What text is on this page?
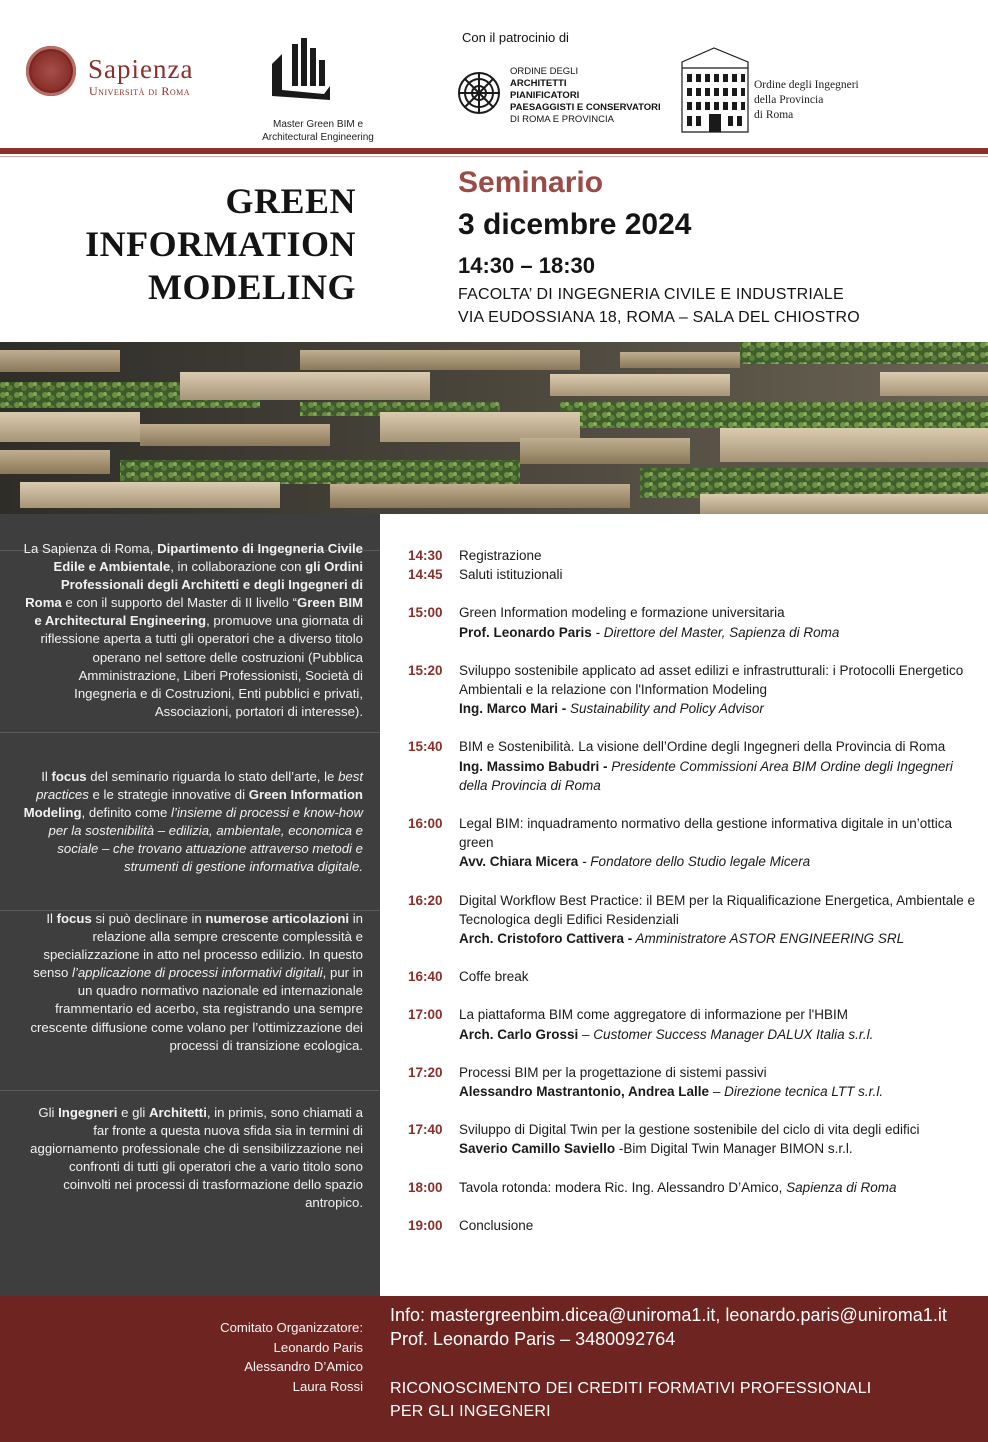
Sapienza
Università di Roma
Master Green BIM e
Architectural Engineering
Con il patrocinio di
ORDINE DEGLI
ARCHITETTI
PIANIFICATORI
PAESAGGISTI E CONSERVATORI
DI ROMA E PROVINCIA
Ordine degli Ingegneri
della Provincia
di Roma
GREEN
INFORMATION
MODELING
Seminario
3 dicembre 2024
14:30 – 18:30
FACOLTA’ DI INGEGNERIA CIVILE E INDUSTRIALE
VIA EUDOSSIANA 18, ROMA – SALA DEL CHIOSTRO
La Sapienza di Roma, Dipartimento di Ingegneria Civile Edile e Ambientale, in collaborazione con gli Ordini Professionali degli Architetti e degli Ingegneri di Roma e con il supporto del Master di II livello “Green BIM e Architectural Engineering, promuove una giornata di riflessione aperta a tutti gli operatori che a diverso titolo operano nel settore delle costruzioni (Pubblica Amministrazione, Liberi Professionisti, Società di Ingegneria e di Costruzioni, Enti pubblici e privati, Associazioni, portatori di interesse).
Il focus del seminario riguarda lo stato dell’arte, le best practices e le strategie innovative di Green Information Modeling, definito come l’insieme di processi e know-how per la sostenibilità – edilizia, ambientale, economica e sociale – che trovano attuazione attraverso metodi e strumenti di gestione informativa digitale.
Il focus si può declinare in numerose articolazioni in relazione alla sempre crescente complessità e specializzazione in atto nel processo edilizio. In questo senso l’applicazione di processi informativi digitali, pur in un quadro normativo nazionale ed internazionale frammentario ed acerbo, sta registrando una sempre crescente diffusione come volano per l’ottimizzazione dei processi di transizione ecologica.
Gli Ingegneri e gli Architetti, in primis, sono chiamati a far fronte a questa nuova sfida sia in termini di aggiornamento professionale che di sensibilizzazione nei confronti di tutti gli operatori che a vario titolo sono coinvolti nei processi di trasformazione dello spazio antropico.
14:30	Registrazione
14:45	Saluti istituzionali
15:00	Green Information modeling e formazione universitaria
Prof. Leonardo Paris - Direttore del Master, Sapienza di Roma
15:20	Sviluppo sostenibile applicato ad asset edilizi e infrastrutturali: i Protocolli Energetico Ambientali e la relazione con l'Information Modeling
Ing. Marco Mari - Sustainability and Policy Advisor
15:40	BIM e Sostenibilità. La visione dell’Ordine degli Ingegneri della Provincia di Roma
Ing. Massimo Babudri - Presidente Commissioni Area BIM Ordine degli Ingegneri della Provincia di Roma
16:00	Legal BIM: inquadramento normativo della gestione informativa digitale in un’ottica green
Avv. Chiara Micera - Fondatore dello Studio legale Micera
16:20	Digital Workflow Best Practice: il BEM per la Riqualificazione Energetica, Ambientale e Tecnologica degli Edifici Residenziali
Arch. Cristoforo Cattivera - Amministratore ASTOR ENGINEERING SRL
16:40	Coffe break
17:00	La piattaforma BIM come aggregatore di informazione per l'HBIM
Arch. Carlo Grossi – Customer Success Manager DALUX Italia s.r.l.
17:20	Processi BIM per la progettazione di sistemi passivi
Alessandro Mastrantonio, Andrea Lalle – Direzione tecnica LTT s.r.l.
17:40	Sviluppo di Digital Twin per la gestione sostenibile del ciclo di vita degli edifici
Saverio Camillo Saviello -Bim Digital Twin Manager BIMON s.r.l.
18:00	Tavola rotonda: modera Ric. Ing. Alessandro D’Amico, Sapienza di Roma
19:00	Conclusione
Comitato Organizzatore:
Leonardo Paris
Alessandro D’Amico
Laura Rossi
Info: mastergreenbim.dicea@uniroma1.it, leonardo.paris@uniroma1.it
Prof. Leonardo Paris – 3480092764
RICONOSCIMENTO DEI CREDITI FORMATIVI PROFESSIONALI
PER GLI INGEGNERI
